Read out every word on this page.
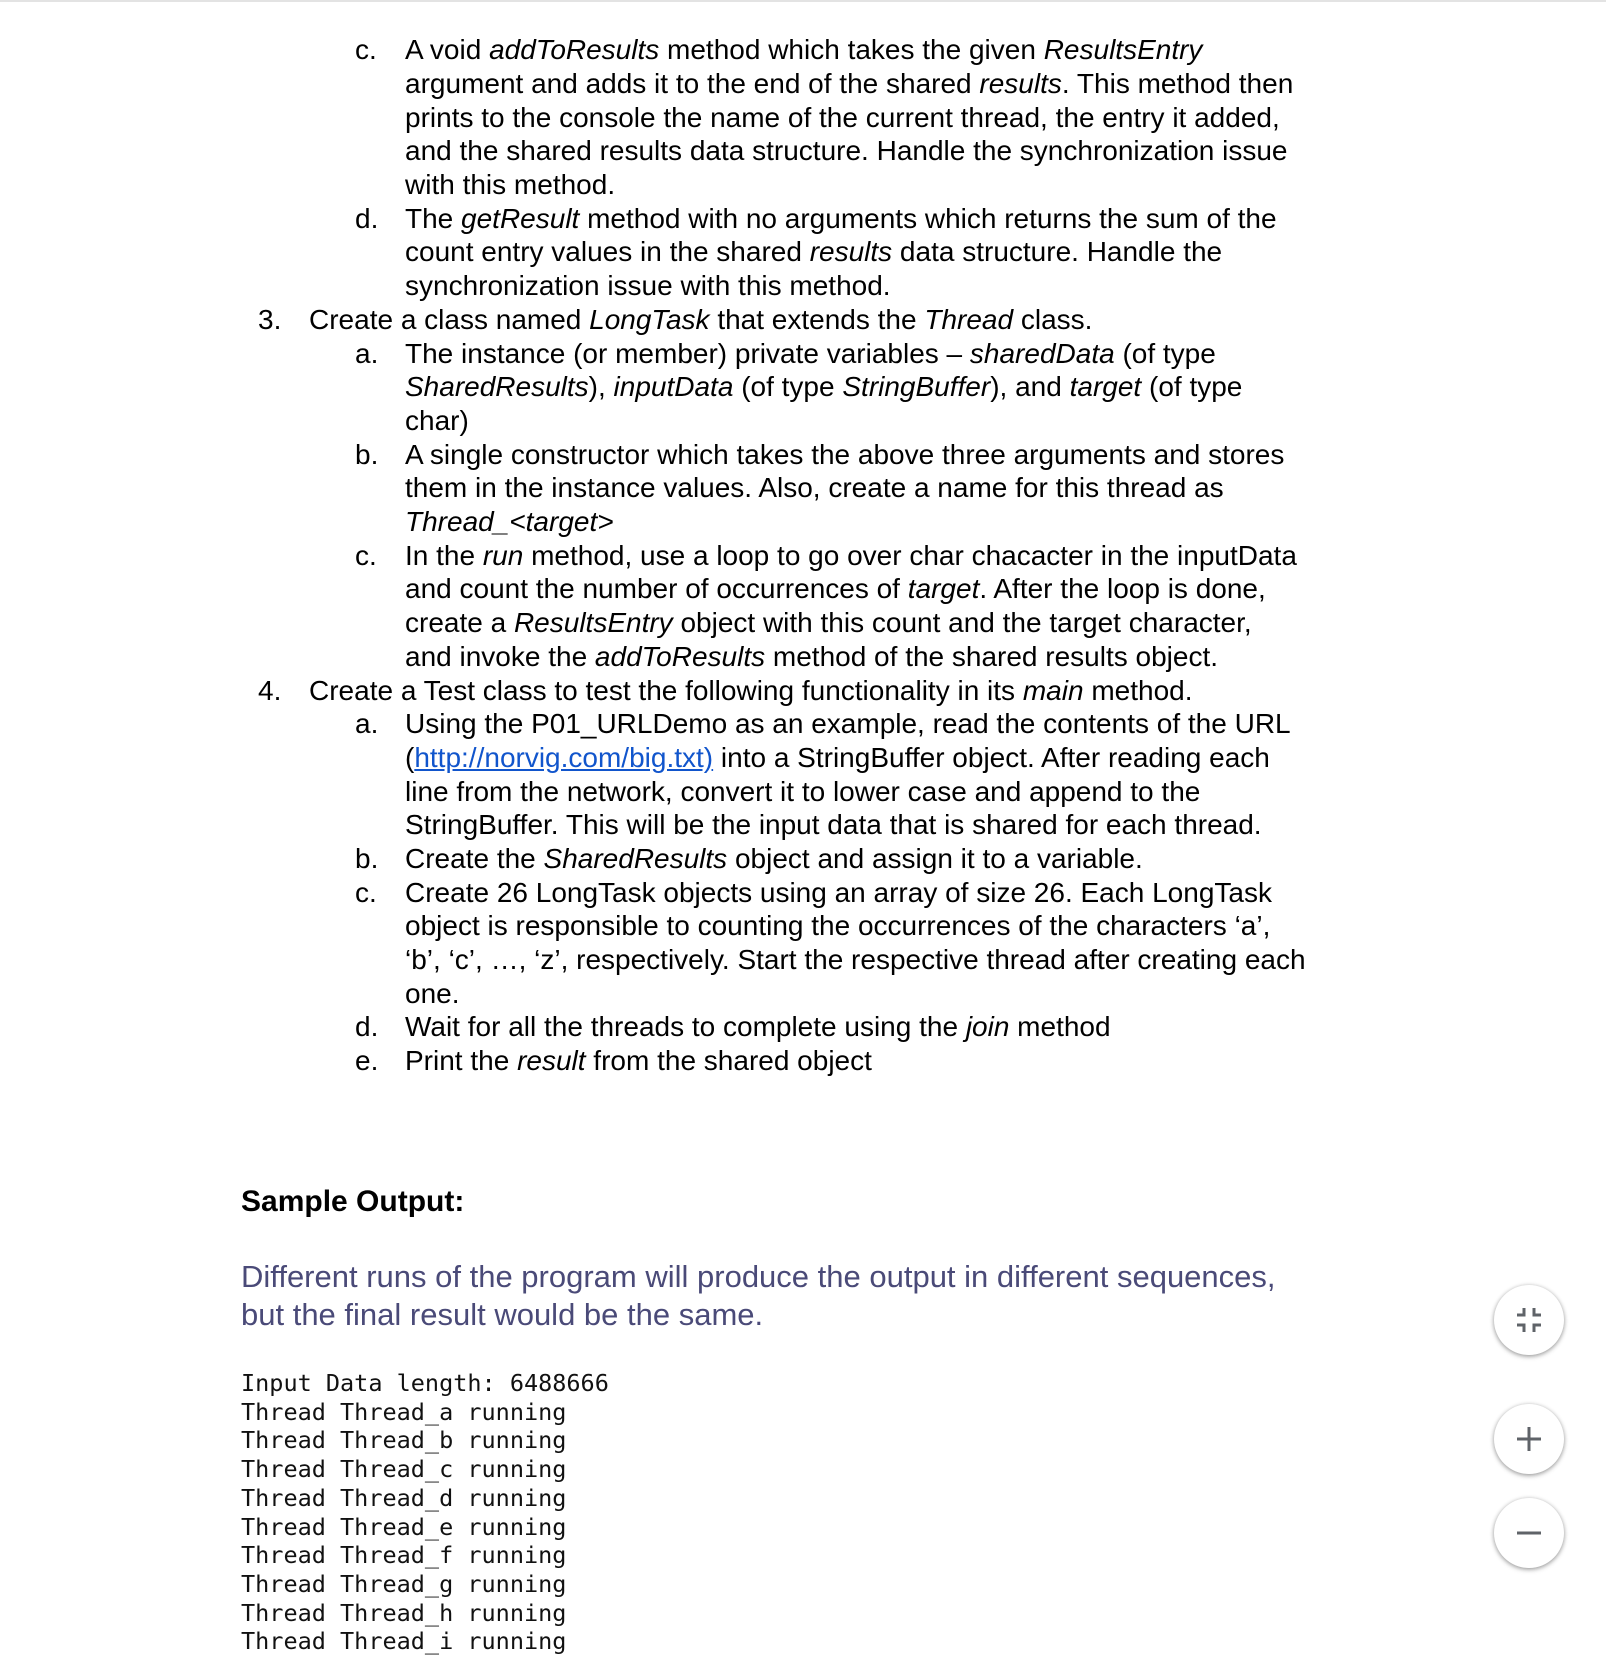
c. A void addToResults method which takes the given ResultsEntry
argument and adds it to the end of the shared results. This method then
prints to the console the name of the current thread, the entry it added,
and the shared results data structure. Handle the synchronization issue
with this method.
d. The getResult method with no arguments which returns the sum of the
count entry values in the shared results data structure. Handle the
synchronization issue with this method.
3. Create a class named LongTask that extends the Thread class.
a. The instance (or member) private variables – sharedData (of type
SharedResults), inputData (of type StringBuffer), and target (of type
char)
b. A single constructor which takes the above three arguments and stores
them in the instance values. Also, create a name for this thread as
Thread_<target>
c. In the run method, use a loop to go over char chacacter in the inputData
and count the number of occurrences of target. After the loop is done,
create a ResultsEntry object with this count and the target character,
and invoke the addToResults method of the shared results object.
4. Create a Test class to test the following functionality in its main method.
a. Using the P01_URLDemo as an example, read the contents of the URL
(http://norvig.com/big.txt) into a StringBuffer object. After reading each
line from the network, convert it to lower case and append to the
StringBuffer. This will be the input data that is shared for each thread.
b. Create the SharedResults object and assign it to a variable.
c. Create 26 LongTask objects using an array of size 26. Each LongTask
object is responsible to counting the occurrences of the characters ‘a’,
‘b’, ‘c’, …, ‘z’, respectively. Start the respective thread after creating each
one.
d. Wait for all the threads to complete using the join method
e. Print the result from the shared object
Sample Output:
Different runs of the program will produce the output in different sequences,
but the final result would be the same.
Input Data length: 6488666
Thread Thread_a running
Thread Thread_b running
Thread Thread_c running
Thread Thread_d running
Thread Thread_e running
Thread Thread_f running
Thread Thread_g running
Thread Thread_h running
Thread Thread_i running
